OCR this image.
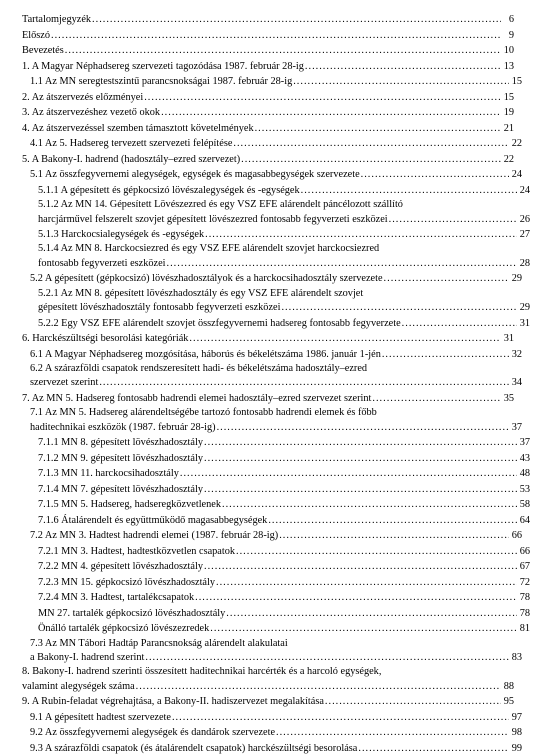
Tartalomjegyzék .....	6
Előszó .....	9
Bevezetés .....	10
1. A Magyar Néphadsereg szervezeti tagozódása 1987. február 28-ig .....	13
1.1 Az MN seregtestszintű parancsnokságai 1987. február 28-ig .....	15
2. Az átszervezés előzményei .....	15
3. Az átszervezéshez vezető okok .....	19
4. Az átszervezéssel szemben támasztott követelmények .....	21
4.1 Az 5. Hadsereg tervezett szervezeti felépítése .....	22
5. A Bakony-I. hadrend (hadosztály–ezred szervezet) .....	22
5.1 Az összfegyvernemi alegységek, egységek és magasabbegységek szervezete .....	24
5.1.1 A gépesített és gépkocsizó lövészalegységek és -egységek .....	24
5.1.2 Az MN 14. Gépesített Lövészezred és egy VSZ EFE alárendelt páncélozott szállító
harcjárművel felszerelt szovjet gépesített lövészezred fontosabb fegyverzeti eszközei .....	26
5.1.3 Harckocsialegységek és -egységek .....	27
5.1.4 Az MN 8. Harckocsiezred és egy VSZ EFE alárendelt szovjet harckocsiezred
fontosabb fegyverzeti eszközei .....	28
5.2 A gépesített (gépkocsizó) lövészhadosztályok és a harckocsihadosztály szervezete .....	29
5.2.1 Az MN 8. gépesített lövészhadosztály és egy VSZ EFE alárendelt szovjet
gépesített lövészhadosztály fontosabb fegyverzeti eszközei .....	29
5.2.2 Egy VSZ EFE alárendelt szovjet összfegyvernemi hadsereg fontosabb fegyverzete .....	31
6. Harckészültségi besorolási kategóriák .....	31
6.1 A Magyar Néphadsereg mozgósítása, háborús és békelétszáma 1986. január 1-jén .....	32
6.2 A szárazföldi csapatok rendszeresített hadi- és békelétszáma hadosztály–ezred
szervezet szerint .....	34
7. Az MN 5. Hadsereg fontosabb hadrendi elemei hadosztály–ezred szervezet szerint .....	35
7.1 Az MN 5. Hadsereg alárendeltségébe tartozó fontosabb hadrendi elemek és főbb
haditechnikai eszközök (1987. február 28-ig) .....	37
7.1.1 MN 8. gépesített lövészhadosztály .....	37
7.1.2 MN 9. gépesített lövészhadosztály .....	43
7.1.3 MN 11. harckocsihadosztály .....	48
7.1.4 MN 7. gépesített lövészhadosztály .....	53
7.1.5 MN 5. Hadsereg, hadseregközvetlenek .....	58
7.1.6 Átalárendelt és együttműködő magasabbegységek .....	64
7.2 Az MN 3. Hadtest hadrendi elemei (1987. február 28-ig) .....	66
7.2.1 MN 3. Hadtest, hadtestközvetlen csapatok .....	66
7.2.2 MN 4. gépesített lövészhadosztály .....	67
7.2.3 MN 15. gépkocsizó lövészhadosztály .....	72
7.2.4 MN 3. Hadtest, tartalékcsapatok .....	78
MN 27. tartalék gépkocsizó lövészhadosztály .....	78
Önálló tartalék gépkocsizó lövészezredek .....	81
7.3 Az MN Tábori Hadtáp Parancsnokság alárendelt alakulatai
a Bakony-I. hadrend szerint .....	83
8. Bakony-I. hadrend szerinti összesített haditechnikai harcérték és a harcoló egységek,
valamint alegységek száma .....	88
9. A Rubin-feladat végrehajtása, a Bakony-II. hadiszervezet megalakítása .....	95
9.1 A gépesített hadtest szervezete .....	97
9.2 Az összfegyvernemi alegységek és dandárok szervezete .....	98
9.3 A szárazföldi csapatok (és átalárendelt csapatok) harckészültségi besorolása .....	99
